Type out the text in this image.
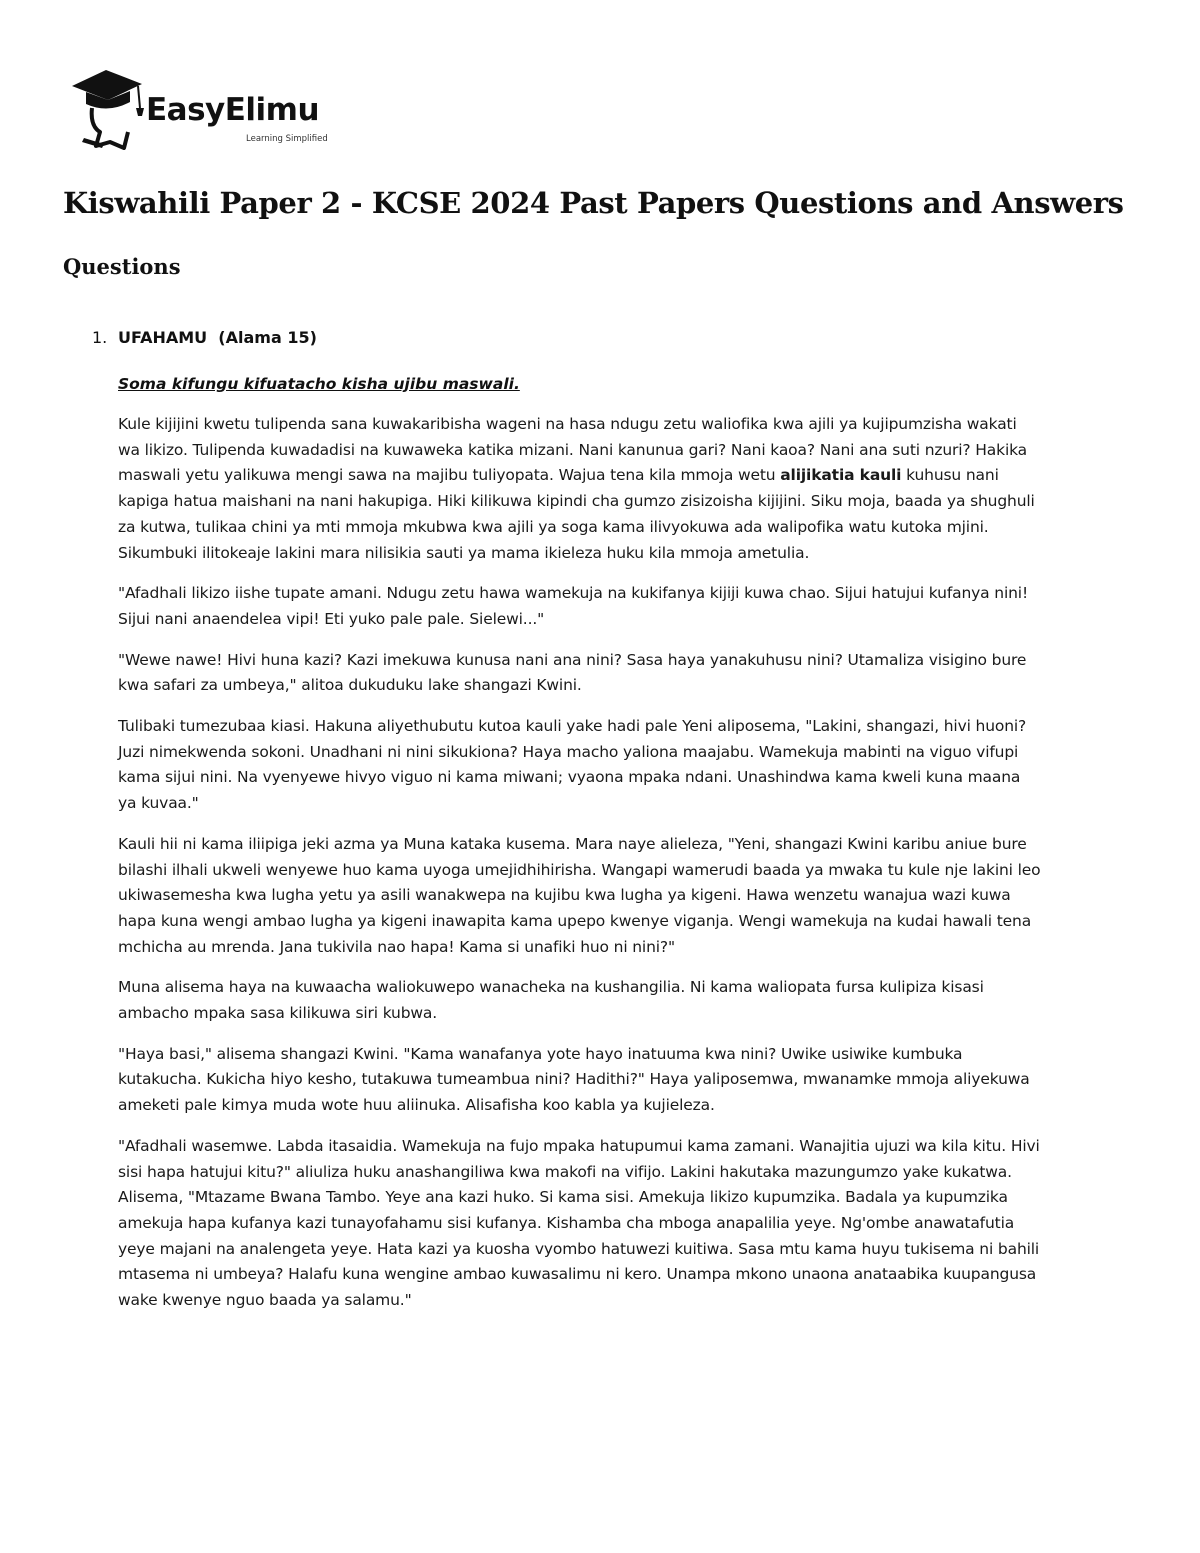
EasyElimu
Learning Simplified
Kiswahili Paper 2 - KCSE 2024 Past Papers Questions and Answers
Questions
1. UFAHAMU  (Alama 15)

Soma kifungu kifuatacho kisha ujibu maswali.

Kule kijijini kwetu tulipenda sana kuwakaribisha wageni na hasa ndugu zetu waliofika kwa ajili ya kujipumzisha wakati wa likizo. Tulipenda kuwadadisi na kuwaweka katika mizani. Nani kanunua gari? Nani kaoa? Nani ana suti nzuri? Hakika maswali yetu yalikuwa mengi sawa na majibu tuliyopata. Wajua tena kila mmoja wetu alijikatia kauli kuhusu nani kapiga hatua maishani na nani hakupiga. Hiki kilikuwa kipindi cha gumzo zisizoisha kijijini. Siku moja, baada ya shughuli za kutwa, tulikaa chini ya mti mmoja mkubwa kwa ajili ya soga kama ilivyokuwa ada walipofika watu kutoka mjini. Sikumbuki ilitokeaje lakini mara nilisikia sauti ya mama ikieleza huku kila mmoja ametulia.

"Afadhali likizo iishe tupate amani. Ndugu zetu hawa wamekuja na kukifanya kijiji kuwa chao. Sijui hatujui kufanya nini! Sijui nani anaendelea vipi! Eti yuko pale pale. Sielewi..."

"Wewe nawe! Hivi huna kazi? Kazi imekuwa kunusa nani ana nini? Sasa haya yanakuhusu nini? Utamaliza visigino bure kwa safari za umbeya," alitoa dukuduku lake shangazi Kwini.

Tulibaki tumezubaa kiasi. Hakuna aliyethubutu kutoa kauli yake hadi pale Yeni aliposema, "Lakini, shangazi, hivi huoni? Juzi nimekwenda sokoni. Unadhani ni nini sikukiona? Haya macho yaliona maajabu. Wamekuja mabinti na viguo vifupi kama sijui nini. Na vyenyewe hivyo viguo ni kama miwani; vyaona mpaka ndani. Unashindwa kama kweli kuna maana ya kuvaa."

Kauli hii ni kama iliipiga jeki azma ya Muna kataka kusema. Mara naye alieleza, "Yeni, shangazi Kwini karibu aniue bure bilashi ilhali ukweli wenyewe huo kama uyoga umejidhihirisha. Wangapi wamerudi baada ya mwaka tu kule nje lakini leo ukiwasemesha kwa lugha yetu ya asili wanakwepa na kujibu kwa lugha ya kigeni. Hawa wenzetu wanajua wazi kuwa hapa kuna wengi ambao lugha ya kigeni inawapita kama upepo kwenye viganja. Wengi wamekuja na kudai hawali tena mchicha au mrenda. Jana tukivila nao hapa! Kama si unafiki huo ni nini?"

Muna alisema haya na kuwaacha waliokuwepo wanacheka na kushangilia. Ni kama waliopata fursa kulipiza kisasi ambacho mpaka sasa kilikuwa siri kubwa.

"Haya basi," alisema shangazi Kwini. "Kama wanafanya yote hayo inatuuma kwa nini? Uwike usiwike kumbuka kutakucha. Kukicha hiyo kesho, tutakuwa tumeambua nini? Hadithi?" Haya yaliposemwa, mwanamke mmoja aliyekuwa ameketi pale kimya muda wote huu aliinuka. Alisafisha koo kabla ya kujieleza.

"Afadhali wasemwe. Labda itasaidia. Wamekuja na fujo mpaka hatupumui kama zamani. Wanajitia ujuzi wa kila kitu. Hivi sisi hapa hatujui kitu?" aliuliza huku anashangiliwa kwa makofi na vifijo. Lakini hakutaka mazungumzo yake kukatwa. Alisema, "Mtazame Bwana Tambo. Yeye ana kazi huko. Si kama sisi. Amekuja likizo kupumzika. Badala ya kupumzika amekuja hapa kufanya kazi tunayofahamu sisi kufanya. Kishamba cha mboga anapalilia yeye. Ng'ombe anawatafutia yeye majani na analengeta yeye. Hata kazi ya kuosha vyombo hatuwezi kuitiwa. Sasa mtu kama huyu tukisema ni bahili mtasema ni umbeya? Halafu kuna wengine ambao kuwasalimu ni kero. Unampa mkono unaona anataabika kuupangusa wake kwenye nguo baada ya salamu."
